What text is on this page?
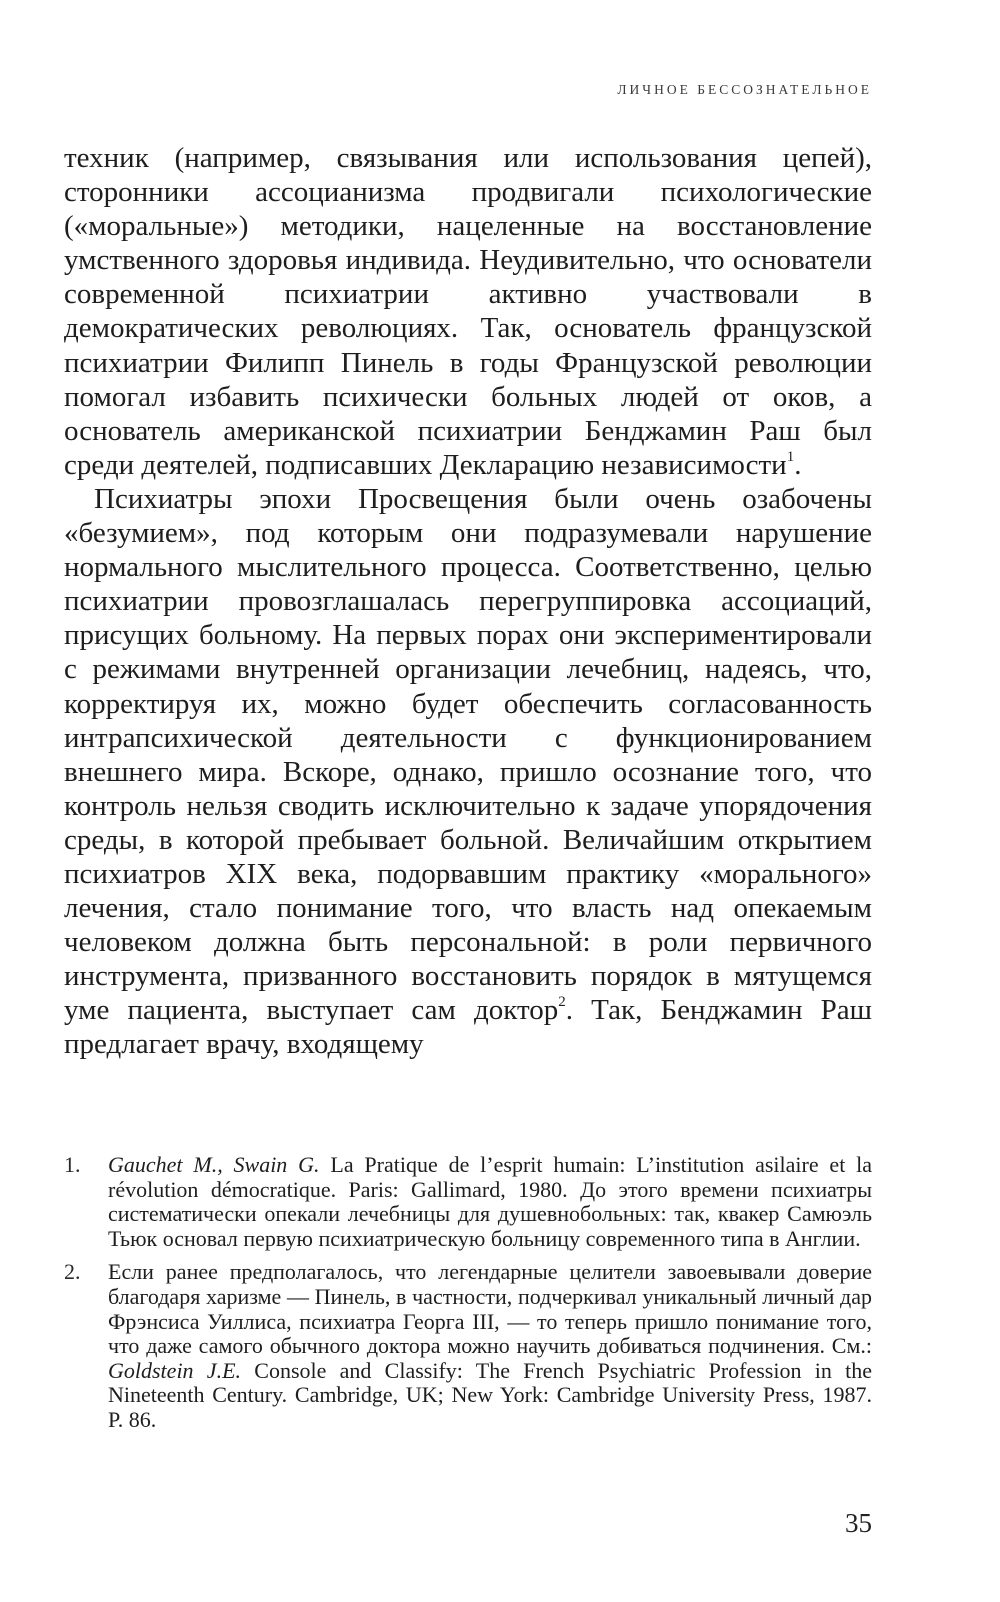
ЛИЧНОЕ БЕССОЗНАТЕЛЬНОЕ

техник (например, связывания или использования цепей), сторонники ассоцианизма продвигали психологические («моральные») методики, нацеленные на восстановление умственного здоровья индивида. Неудивительно, что основатели современной психиатрии активно участвовали в демократических революциях. Так, основатель французской психиатрии Филипп Пинель в годы Французской революции помогал избавить психически больных людей от оков, а основатель американской психиатрии Бенджамин Раш был среди деятелей, подписавших Декларацию независимости$^1$.

Психиатры эпохи Просвещения были очень озабочены «безумием», под которым они подразумевали нарушение нормального мыслительного процесса. Соответственно, целью психиатрии провозглашалась перегруппировка ассоциаций, присущих больному. На первых порах они экспериментировали с режимами внутренней организации лечебниц, надеясь, что, корректируя их, можно будет обеспечить согласованность интрапсихической деятельности с функционированием внешнего мира. Вскоре, однако, пришло осознание того, что контроль нельзя сводить исключительно к задаче упорядочения среды, в которой пребывает больной. Величайшим открытием психиатров XIX века, подорвавшим практику «морального» лечения, стало понимание того, что власть над опекаемым человеком должна быть персональной: в роли первичного инструмента, призванного восстановить порядок в мятущемся уме пациента, выступает сам доктор$^2$. Так, Бенджамин Раш предлагает врачу, входящему

1.	Gauchet M., Swain G. La Pratique de l’esprit humain: L’institution asilaire et la révolution démocratique. Paris: Gallimard, 1980. До этого времени психиатры систематически опекали лечебницы для душевнобольных: так, квакер Самюэль Тьюк основал первую психиатрическую больницу современного типа в Англии.
2.	Если ранее предполагалось, что легендарные целители завоевывали доверие благодаря харизме — Пинель, в частности, подчеркивал уникальный личный дар Фрэнсиса Уиллиса, психиатра Георга III, — то теперь пришло понимание того, что даже самого обычного доктора можно научить добиваться подчинения. См.: Goldstein J.E. Console and Classify: The French Psychiatric Profession in the Nineteenth Century. Cambridge, UK; New York: Cambridge University Press, 1987. P. 86.
35
